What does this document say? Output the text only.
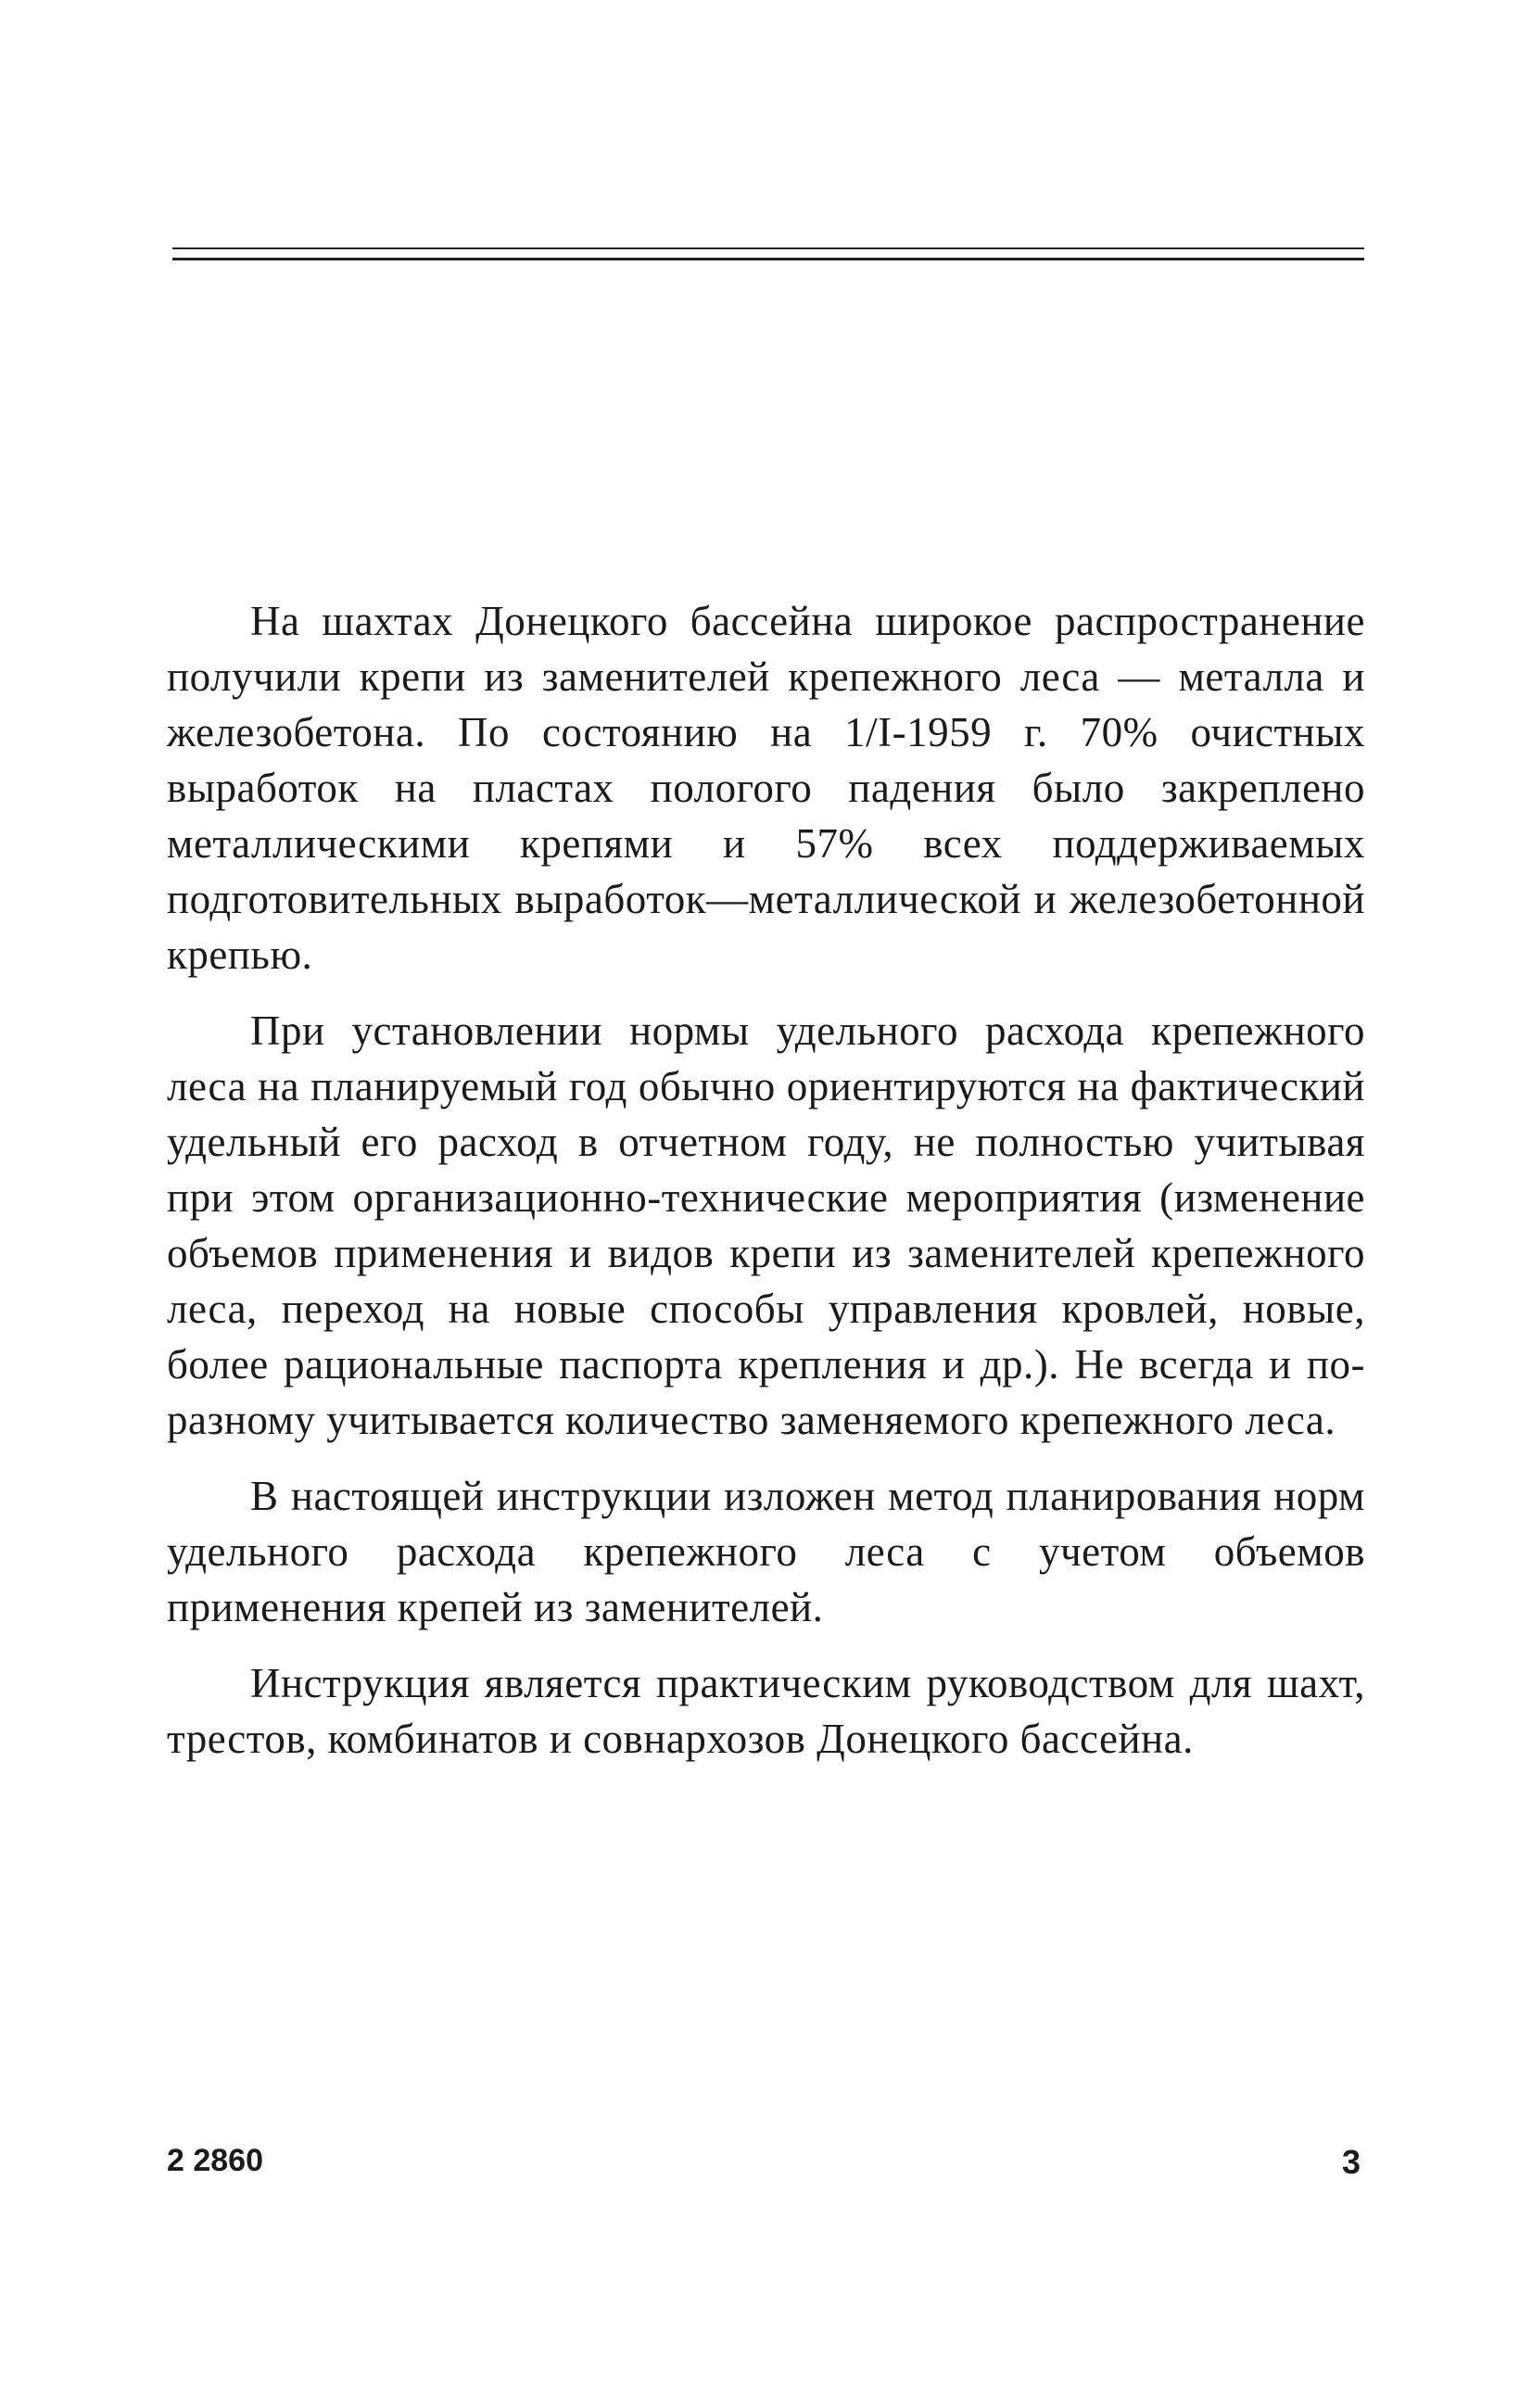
На шахтах Донецкого бассейна широкое распространение получили крепи из заменителей крепежного леса — металла и железобетона. По состоянию на 1/I-1959 г. 70% очистных выработок на пластах пологого падения было закреплено металлическими крепями и 57% всех поддерживаемых подготовительных выработок—металлической и железобетонной крепью.

При установлении нормы удельного расхода крепежного леса на планируемый год обычно ориентируются на фактический удельный его расход в отчетном году, не полностью учитывая при этом организационно-технические мероприятия (изменение объемов применения и видов крепи из заменителей крепежного леса, переход на новые способы управления кровлей, новые, более рациональные паспорта крепления и др.). Не всегда и по-разному учитывается количество заменяемого крепежного леса.

В настоящей инструкции изложен метод планирования норм удельного расхода крепежного леса с учетом объемов применения крепей из заменителей.

Инструкция является практическим руководством для шахт, трестов, комбинатов и совнархозов Донецкого бассейна.

2 2860	3
